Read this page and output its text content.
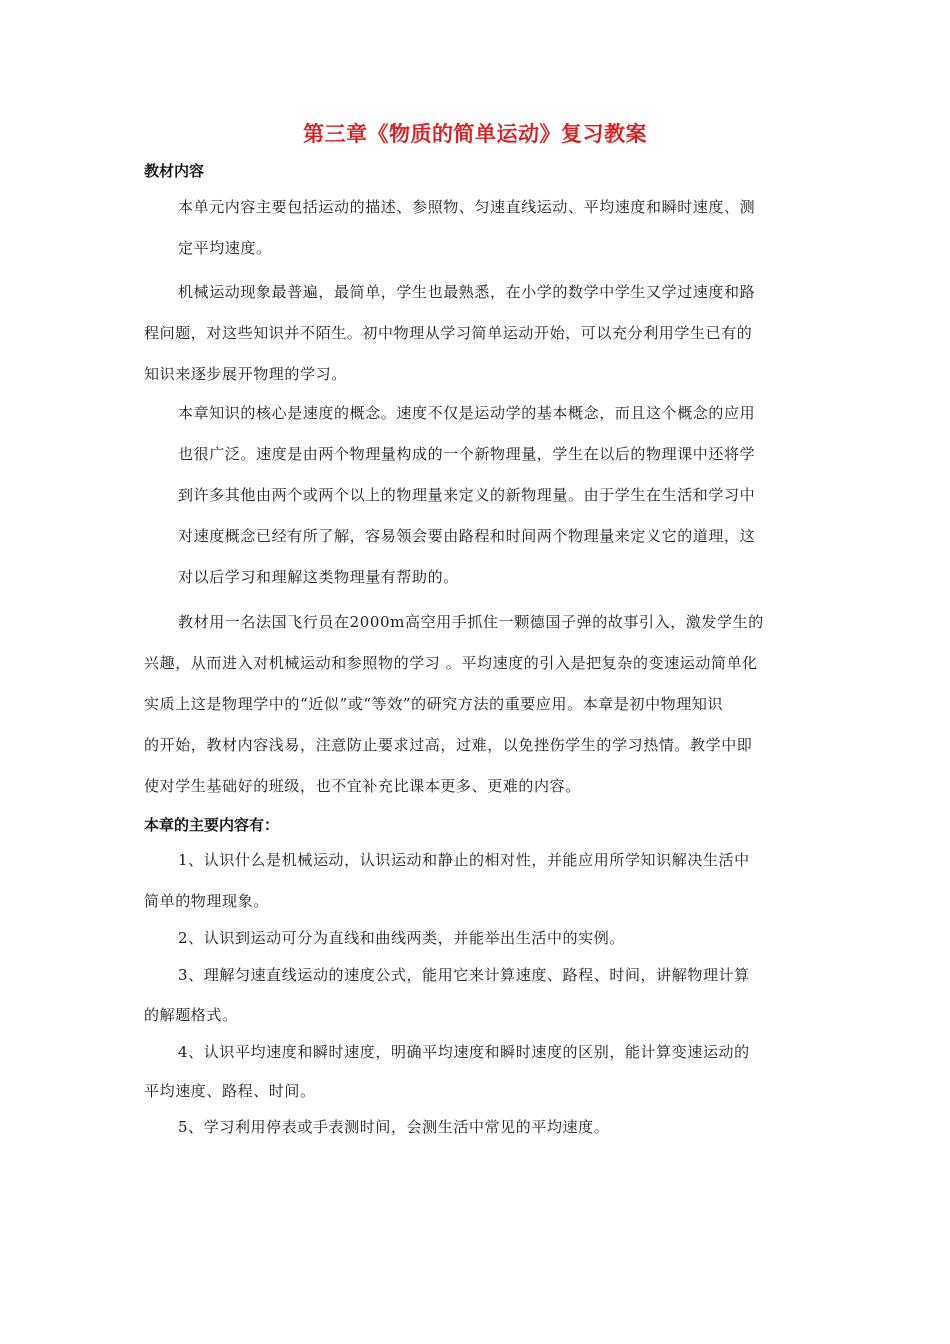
第三章《物质的简单运动》复习教案
教材内容
本单元内容主要包括运动的描述、参照物、匀速直线运动、平均速度和瞬时速度、测
定平均速度。
机械运动现象最普遍，最简单，学生也最熟悉，在小学的数学中学生又学过速度和路
程问题，对这些知识并不陌生。初中物理从学习简单运动开始，可以充分利用学生已有的
知识来逐步展开物理的学习。
本章知识的核心是速度的概念。速度不仅是运动学的基本概念，而且这个概念的应用
也很广泛。速度是由两个物理量构成的一个新物理量，学生在以后的物理课中还将学
到许多其他由两个或两个以上的物理量来定义的新物理量。由于学生在生活和学习中
对速度概念已经有所了解，容易领会要由路程和时间两个物理量来定义它的道理，这
对以后学习和理解这类物理量有帮助的。
教材用一名法国飞行员在2000m高空用手抓住一颗德国子弹的故事引入，激发学生的
兴趣，从而进入对机械运动和参照物的学习 。平均速度的引入是把复杂的变速运动简单化
实质上这是物理学中的“近似”或“等效”的研究方法的重要应用。本章是初中物理知识
的开始，教材内容浅易，注意防止要求过高，过难，以免挫伤学生的学习热情。教学中即
使对学生基础好的班级，也不宜补充比课本更多、更难的内容。
本章的主要内容有：
1、认识什么是机械运动，认识运动和静止的相对性，并能应用所学知识解决生活中
简单的物理现象。
2、认识到运动可分为直线和曲线两类，并能举出生活中的实例。
3、理解匀速直线运动的速度公式，能用它来计算速度、路程、时间，讲解物理计算
的解题格式。
4、认识平均速度和瞬时速度，明确平均速度和瞬时速度的区别，能计算变速运动的
平均速度、路程、时间。
5、学习利用停表或手表测时间，会测生活中常见的平均速度。
